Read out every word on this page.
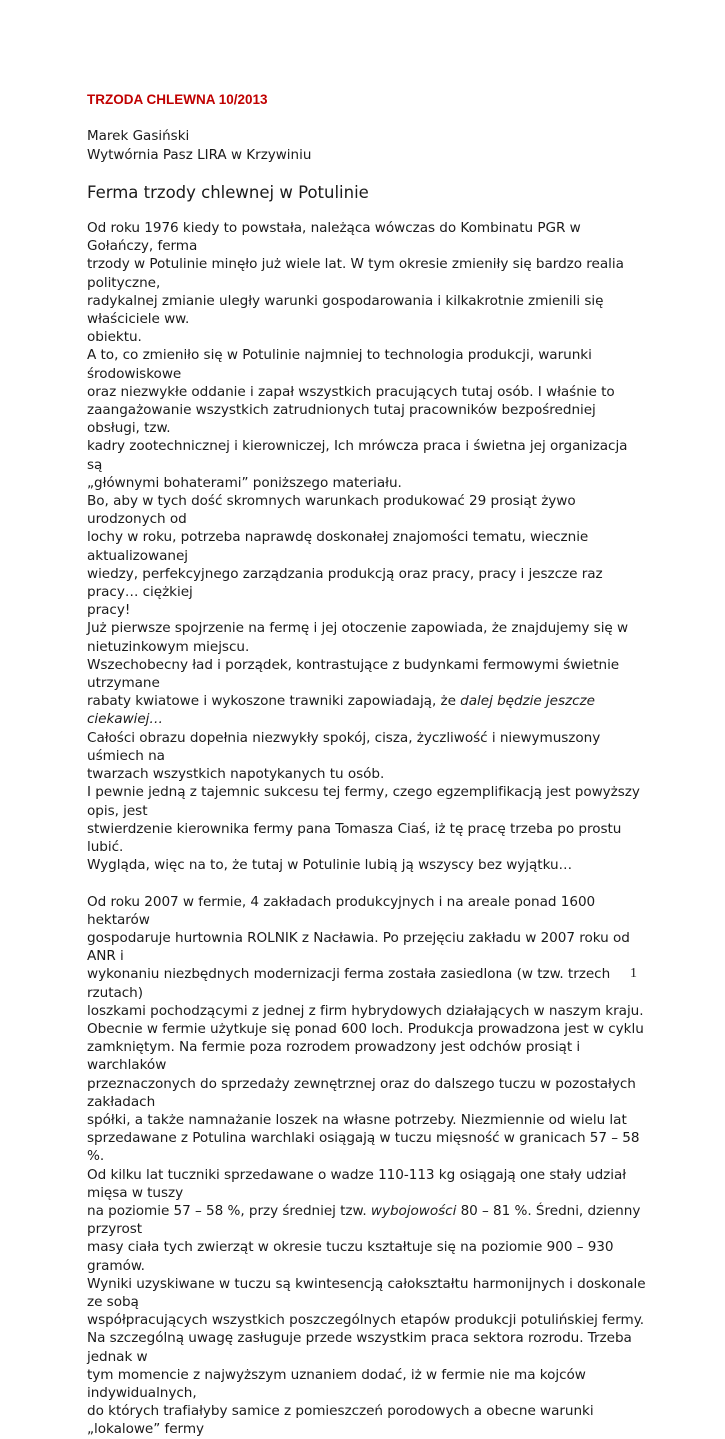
TRZODA CHLEWNA 10/2013
Marek Gasiński
Wytwórnia Pasz LIRA w Krzywiniu
Ferma trzody chlewnej w Potulinie

Od roku 1976 kiedy to powstała, należąca wówczas do Kombinatu PGR w Gołańczy, ferma

trzody w Potulinie minęło już wiele lat. W tym okresie zmieniły się bardzo realia polityczne,

radykalnej zmianie uległy warunki gospodarowania i kilkakrotnie zmienili się właściciele ww.

obiektu.

A to, co zmieniło się w Potulinie najmniej to technologia produkcji, warunki środowiskowe

oraz niezwykłe oddanie i zapał wszystkich pracujących tutaj osób. I właśnie to

zaangażowanie wszystkich zatrudnionych tutaj pracowników bezpośredniej obsługi, tzw.

kadry zootechnicznej i kierowniczej, Ich mrówcza praca i świetna jej organizacja są

„głównymi bohaterami” poniższego materiału.

Bo, aby w tych dość skromnych warunkach produkować 29 prosiąt żywo urodzonych od

lochy w roku, potrzeba naprawdę doskonałej znajomości tematu, wiecznie aktualizowanej

wiedzy, perfekcyjnego zarządzania produkcją oraz pracy, pracy i jeszcze raz pracy… ciężkiej

pracy!

Już pierwsze spojrzenie na fermę i jej otoczenie zapowiada, że znajdujemy się w

nietuzinkowym miejscu.

Wszechobecny ład i porządek, kontrastujące z budynkami fermowymi świetnie utrzymane

rabaty kwiatowe i wykoszone trawniki zapowiadają, że dalej będzie jeszcze ciekawiej…

Całości obrazu dopełnia niezwykły spokój, cisza, życzliwość i niewymuszony uśmiech na

twarzach wszystkich napotykanych tu osób.

I pewnie jedną z tajemnic sukcesu tej fermy, czego egzemplifikacją jest powyższy opis, jest

stwierdzenie kierownika fermy pana Tomasza Ciaś, iż tę pracę trzeba po prostu lubić.

Wygląda, więc na to, że tutaj w Potulinie lubią ją wszyscy bez wyjątku…

Od roku 2007 w fermie, 4 zakładach produkcyjnych i na areale ponad 1600 hektarów

gospodaruje hurtownia ROLNIK z Nacławia. Po przejęciu zakładu w 2007 roku od ANR i

wykonaniu niezbędnych modernizacji ferma została zasiedlona (w tzw. trzech rzutach)

loszkami pochodzącymi z jednej z firm hybrydowych działających w naszym kraju.

Obecnie w fermie użytkuje się ponad 600 loch. Produkcja prowadzona jest w cyklu

zamkniętym. Na fermie poza rozrodem prowadzony jest odchów prosiąt i warchlaków

przeznaczonych do sprzedaży zewnętrznej oraz do dalszego tuczu w pozostałych zakładach

spółki, a także namnażanie loszek na własne potrzeby. Niezmiennie od wielu lat

sprzedawane z Potulina warchlaki osiągają w tuczu mięsność w granicach 57 – 58 %.

Od kilku lat tuczniki sprzedawane o wadze 110-113 kg osiągają one stały udział mięsa w tuszy

na poziomie 57 – 58 %, przy średniej tzw. wybojowości 80 – 81 %. Średni, dzienny przyrost

masy ciała tych zwierząt w okresie tuczu kształtuje się na poziomie 900 – 930 gramów.

Wyniki uzyskiwane w tuczu są kwintesencją całokształtu harmonijnych i doskonale ze sobą

współpracujących wszystkich poszczególnych etapów produkcji potulińskiej fermy.

Na szczególną uwagę zasługuje przede wszystkim praca sektora rozrodu. Trzeba jednak w

tym momencie z najwyższym uznaniem dodać, iż w fermie nie ma kojców indywidualnych,

do których trafiałyby samice z pomieszczeń porodowych a obecne warunki „lokalowe” fermy

1
